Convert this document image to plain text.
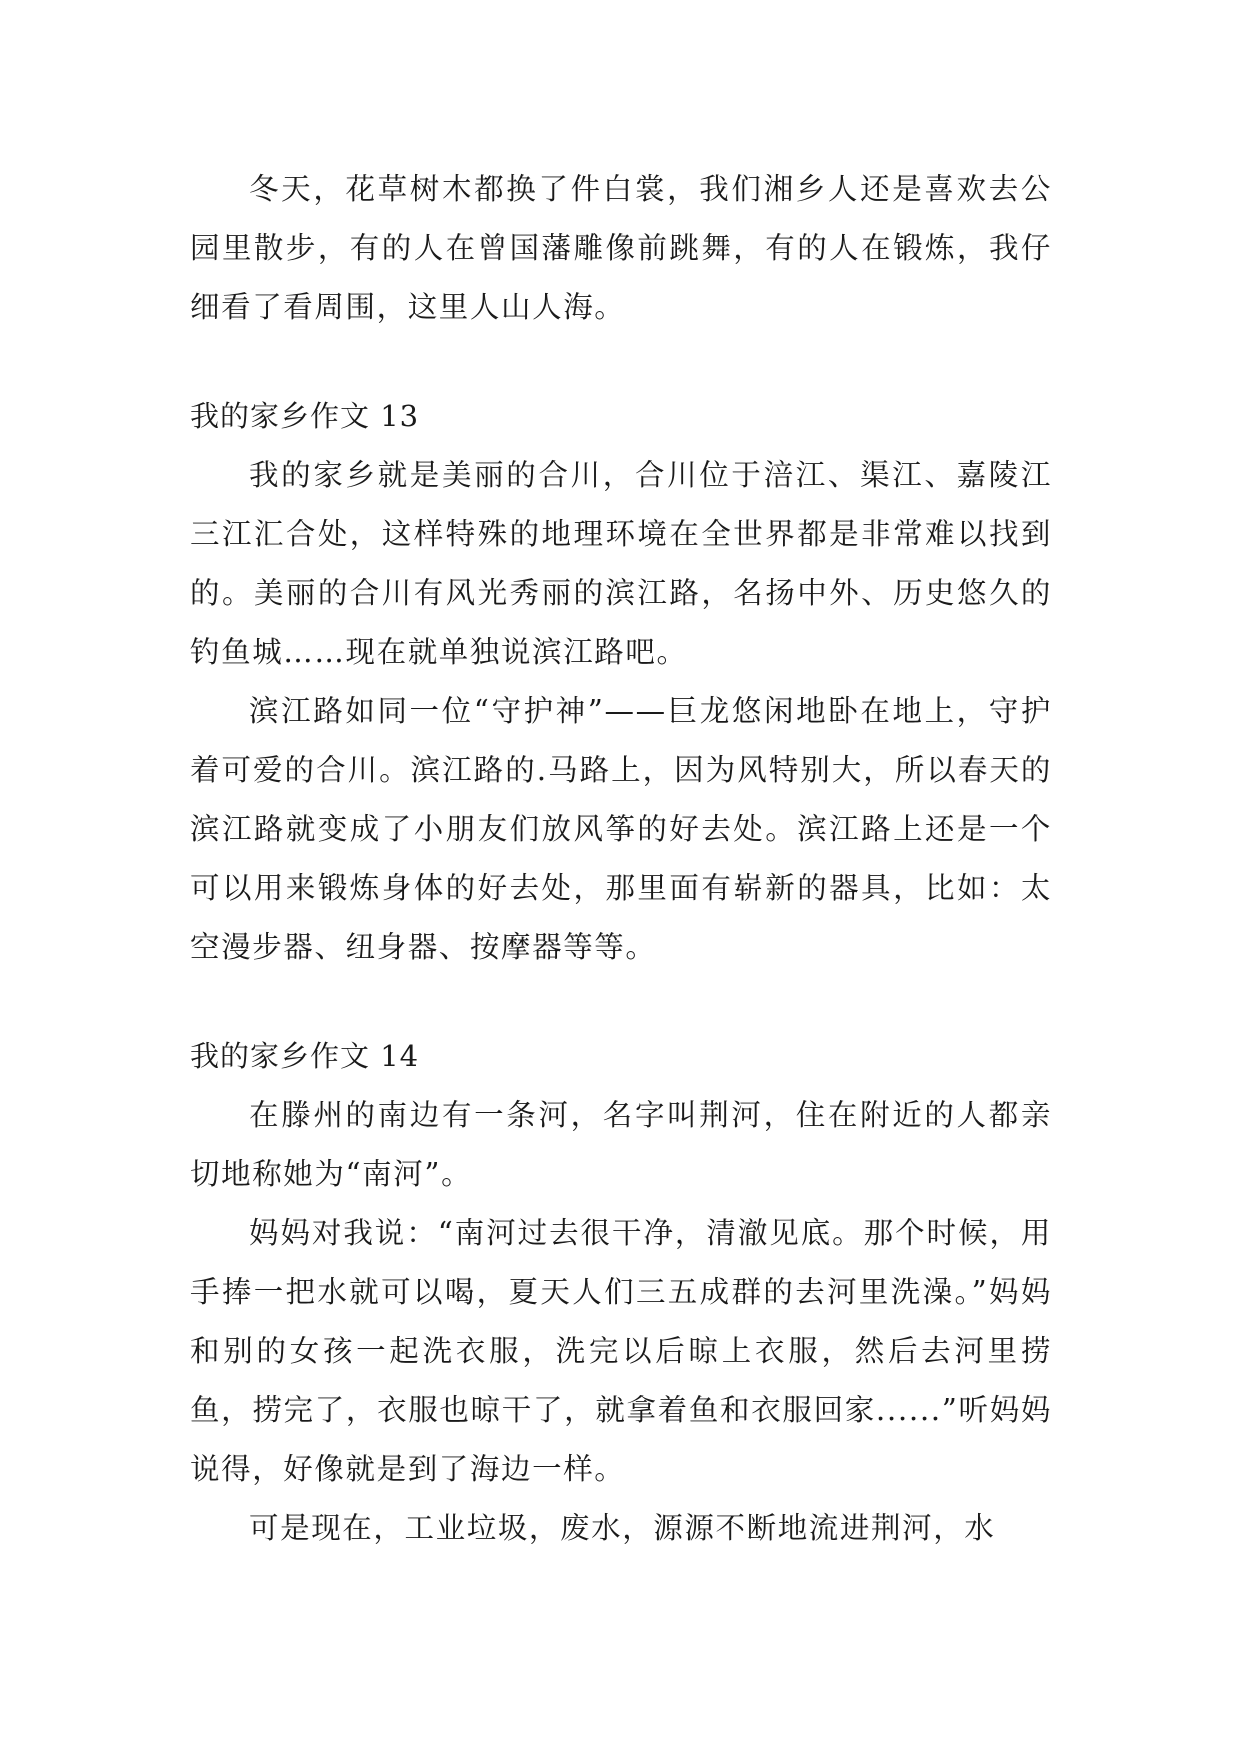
冬天，花草树木都换了件白裳，我们湘乡人还是喜欢去公园里散步，有的人在曾国藩雕像前跳舞，有的人在锻炼，我仔细看了看周围，这里人山人海。

我的家乡作文 13

我的家乡就是美丽的合川，合川位于涪江、渠江、嘉陵江三江汇合处，这样特殊的地理环境在全世界都是非常难以找到的。美丽的合川有风光秀丽的滨江路，名扬中外、历史悠久的钓鱼城……现在就单独说滨江路吧。

滨江路如同一位“守护神”——巨龙悠闲地卧在地上，守护着可爱的合川。滨江路的.马路上，因为风特别大，所以春天的滨江路就变成了小朋友们放风筝的好去处。滨江路上还是一个可以用来锻炼身体的好去处，那里面有崭新的器具，比如：太空漫步器、纽身器、按摩器等等。

我的家乡作文 14

在滕州的南边有一条河，名字叫荆河，住在附近的人都亲切地称她为“南河”。

妈妈对我说：“南河过去很干净，清澈见底。那个时候，用手捧一把水就可以喝，夏天人们三五成群的去河里洗澡。”妈妈和别的女孩一起洗衣服，洗完以后晾上衣服，然后去河里捞鱼，捞完了，衣服也晾干了，就拿着鱼和衣服回家......”听妈妈说得，好像就是到了海边一样。

可是现在，工业垃圾，废水，源源不断地流进荆河，水
